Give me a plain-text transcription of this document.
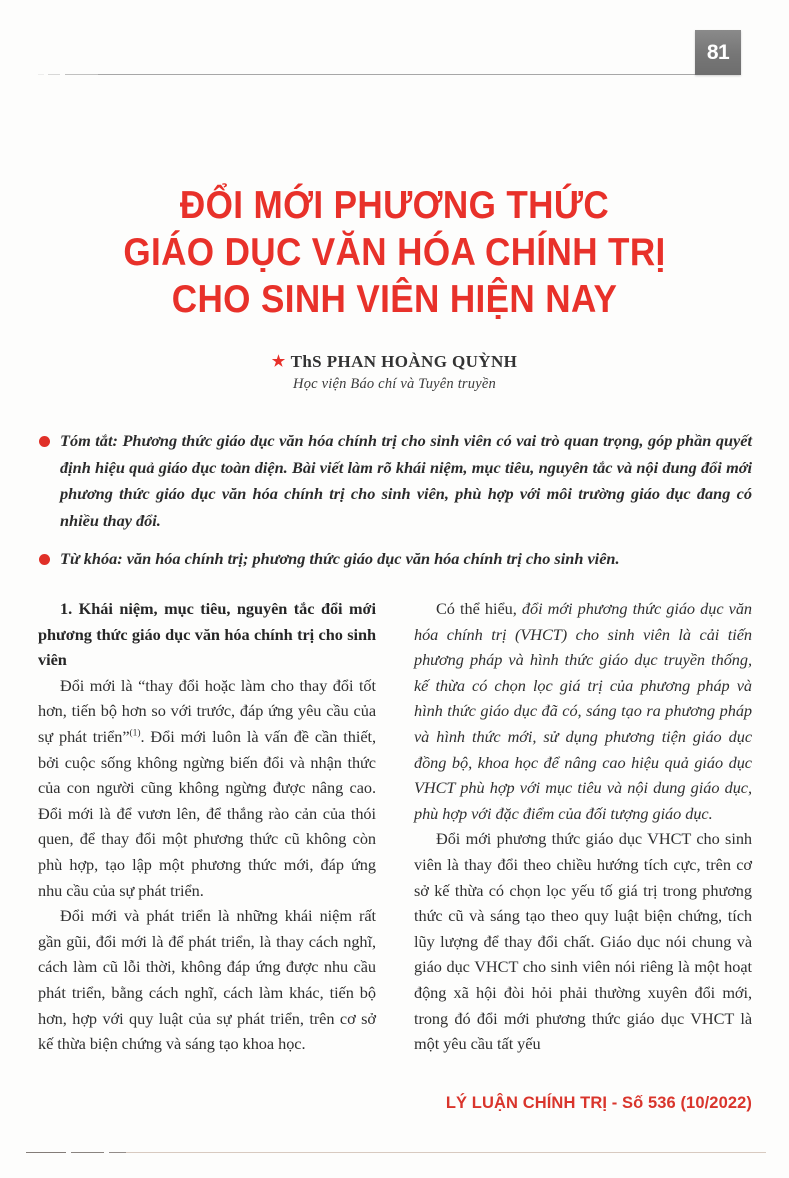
81
ĐỔI MỚI PHƯƠNG THỨC
GIÁO DỤC VĂN HÓA CHÍNH TRỊ
CHO SINH VIÊN HIỆN NAY
★ ThS PHAN HOÀNG QUỲNH
Học viện Báo chí và Tuyên truyền
Tóm tắt: Phương thức giáo dục văn hóa chính trị cho sinh viên có vai trò quan trọng, góp phần quyết định hiệu quả giáo dục toàn diện. Bài viết làm rõ khái niệm, mục tiêu, nguyên tắc và nội dung đổi mới phương thức giáo dục văn hóa chính trị cho sinh viên, phù hợp với môi trường giáo dục đang có nhiều thay đổi.
Từ khóa: văn hóa chính trị; phương thức giáo dục văn hóa chính trị cho sinh viên.
1. Khái niệm, mục tiêu, nguyên tắc đổi mới phương thức giáo dục văn hóa chính trị cho sinh viên
Đổi mới là “thay đổi hoặc làm cho thay đổi tốt hơn, tiến bộ hơn so với trước, đáp ứng yêu cầu của sự phát triển”$^{(1)}$. Đổi mới luôn là vấn đề cần thiết, bởi cuộc sống không ngừng biến đổi và nhận thức của con người cũng không ngừng được nâng cao. Đổi mới là để vươn lên, để thắng rào cản của thói quen, để thay đổi một phương thức cũ không còn phù hợp, tạo lập một phương thức mới, đáp ứng nhu cầu của sự phát triển.
Đổi mới và phát triển là những khái niệm rất gần gũi, đổi mới là để phát triển, là thay cách nghĩ, cách làm cũ lỗi thời, không đáp ứng được nhu cầu phát triển, bằng cách nghĩ, cách làm khác, tiến bộ hơn, hợp với quy luật của sự phát triển, trên cơ sở kế thừa biện chứng và sáng tạo khoa học.
Có thể hiểu, đổi mới phương thức giáo dục văn hóa chính trị (VHCT) cho sinh viên là cải tiến phương pháp và hình thức giáo dục truyền thống, kế thừa có chọn lọc giá trị của phương pháp và hình thức giáo dục đã có, sáng tạo ra phương pháp và hình thức mới, sử dụng phương tiện giáo dục đồng bộ, khoa học để nâng cao hiệu quả giáo dục VHCT phù hợp với mục tiêu và nội dung giáo dục, phù hợp với đặc điểm của đối tượng giáo dục.
Đổi mới phương thức giáo dục VHCT cho sinh viên là thay đổi theo chiều hướng tích cực, trên cơ sở kế thừa có chọn lọc yếu tố giá trị trong phương thức cũ và sáng tạo theo quy luật biện chứng, tích lũy lượng để thay đổi chất. Giáo dục nói chung và giáo dục VHCT cho sinh viên nói riêng là một hoạt động xã hội đòi hỏi phải thường xuyên đổi mới, trong đó đổi mới phương thức giáo dục VHCT là một yêu cầu tất yếu
LÝ LUẬN CHÍNH TRỊ - Số 536 (10/2022)
